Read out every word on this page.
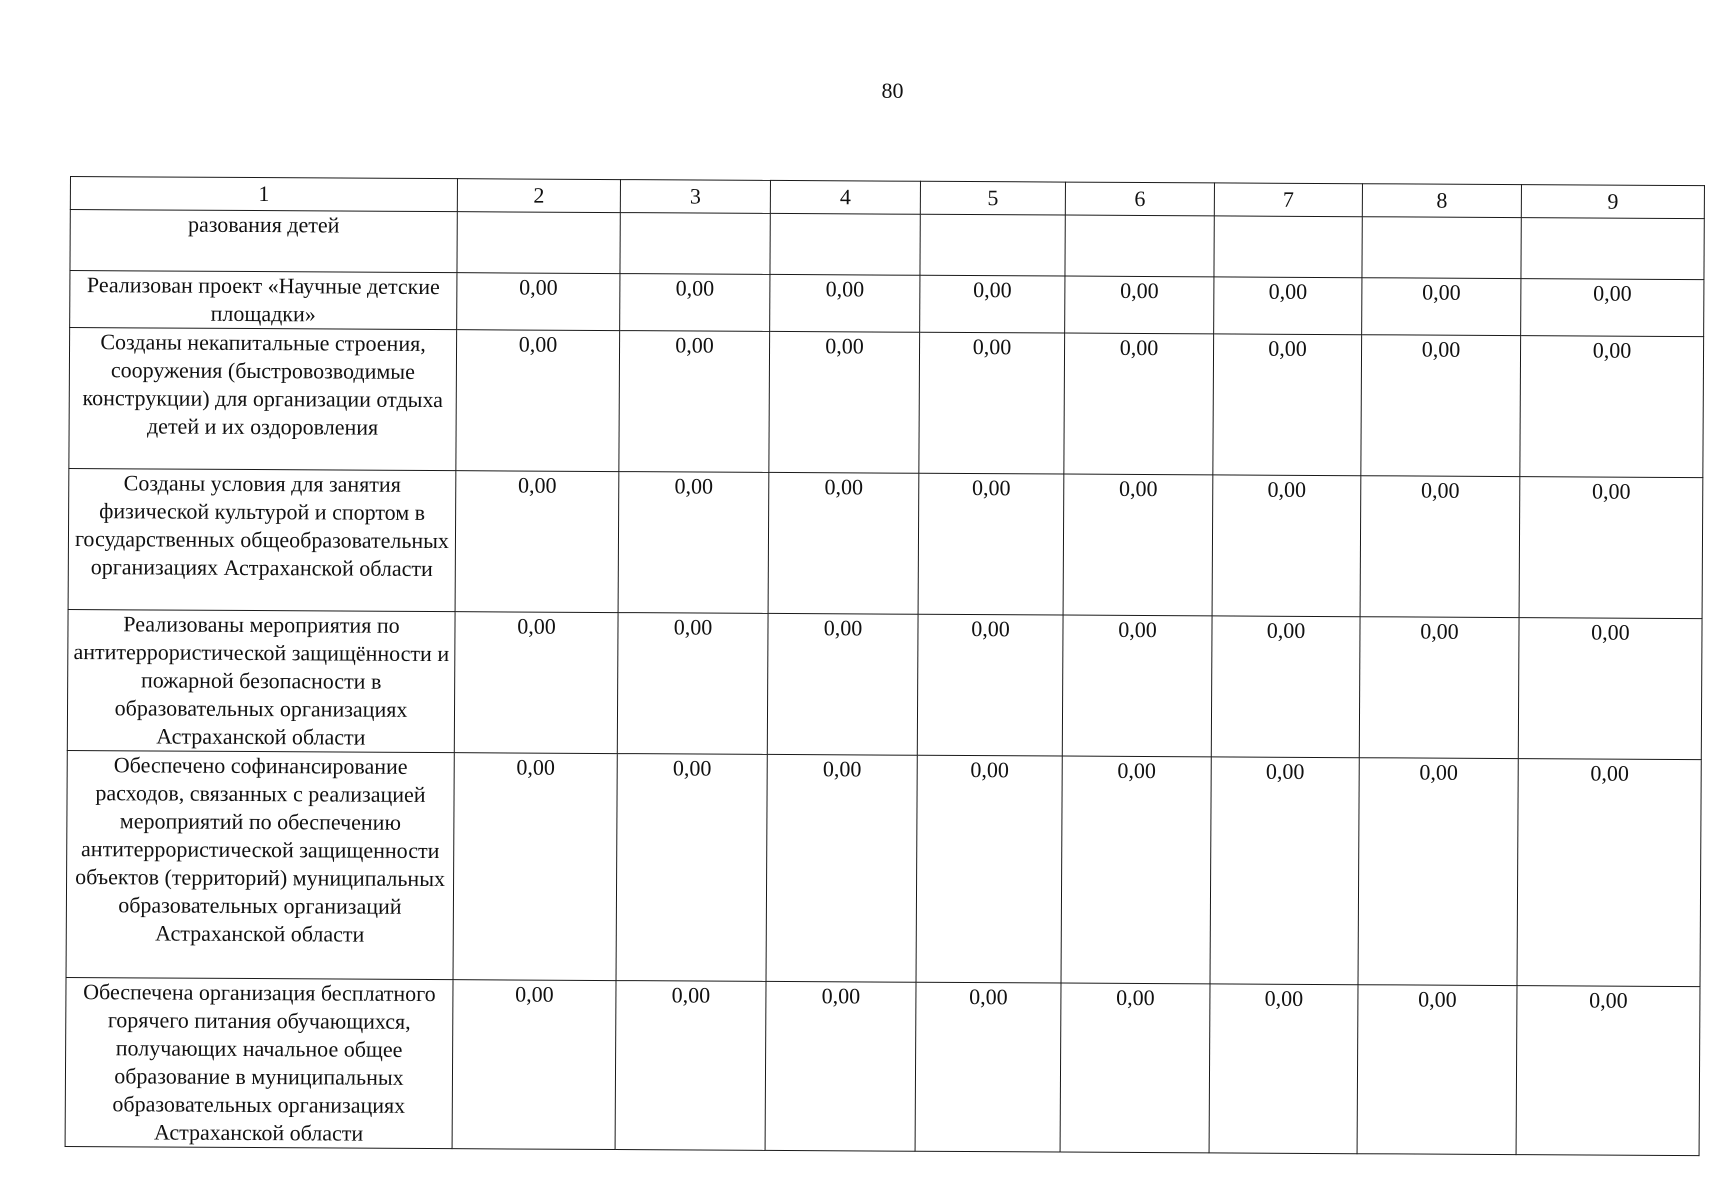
80
1	2	3	4	5	6	7	8	9
разования детей								
Реализован проект «Научные детские площадки»	0,00	0,00	0,00	0,00	0,00	0,00	0,00	0,00
Созданы некапитальные строения, сооружения (быстровозводимые конструкции) для организации отдыха детей и их оздоровления	0,00	0,00	0,00	0,00	0,00	0,00	0,00	0,00
Созданы условия для занятия физической культурой и спортом в государственных общеобразовательных организациях Астраханской области	0,00	0,00	0,00	0,00	0,00	0,00	0,00	0,00
Реализованы мероприятия по антитеррористической защищённости и пожарной безопасности в образовательных организациях Астраханской области	0,00	0,00	0,00	0,00	0,00	0,00	0,00	0,00
Обеспечено софинансирование расходов, связанных с реализацией мероприятий по обеспечению антитеррористической защищенности объектов (территорий) муниципальных образовательных организаций Астраханской области	0,00	0,00	0,00	0,00	0,00	0,00	0,00	0,00
Обеспечена организация бесплатного горячего питания обучающихся, получающих начальное общее образование в муниципальных образовательных организациях Астраханской области	0,00	0,00	0,00	0,00	0,00	0,00	0,00	0,00
